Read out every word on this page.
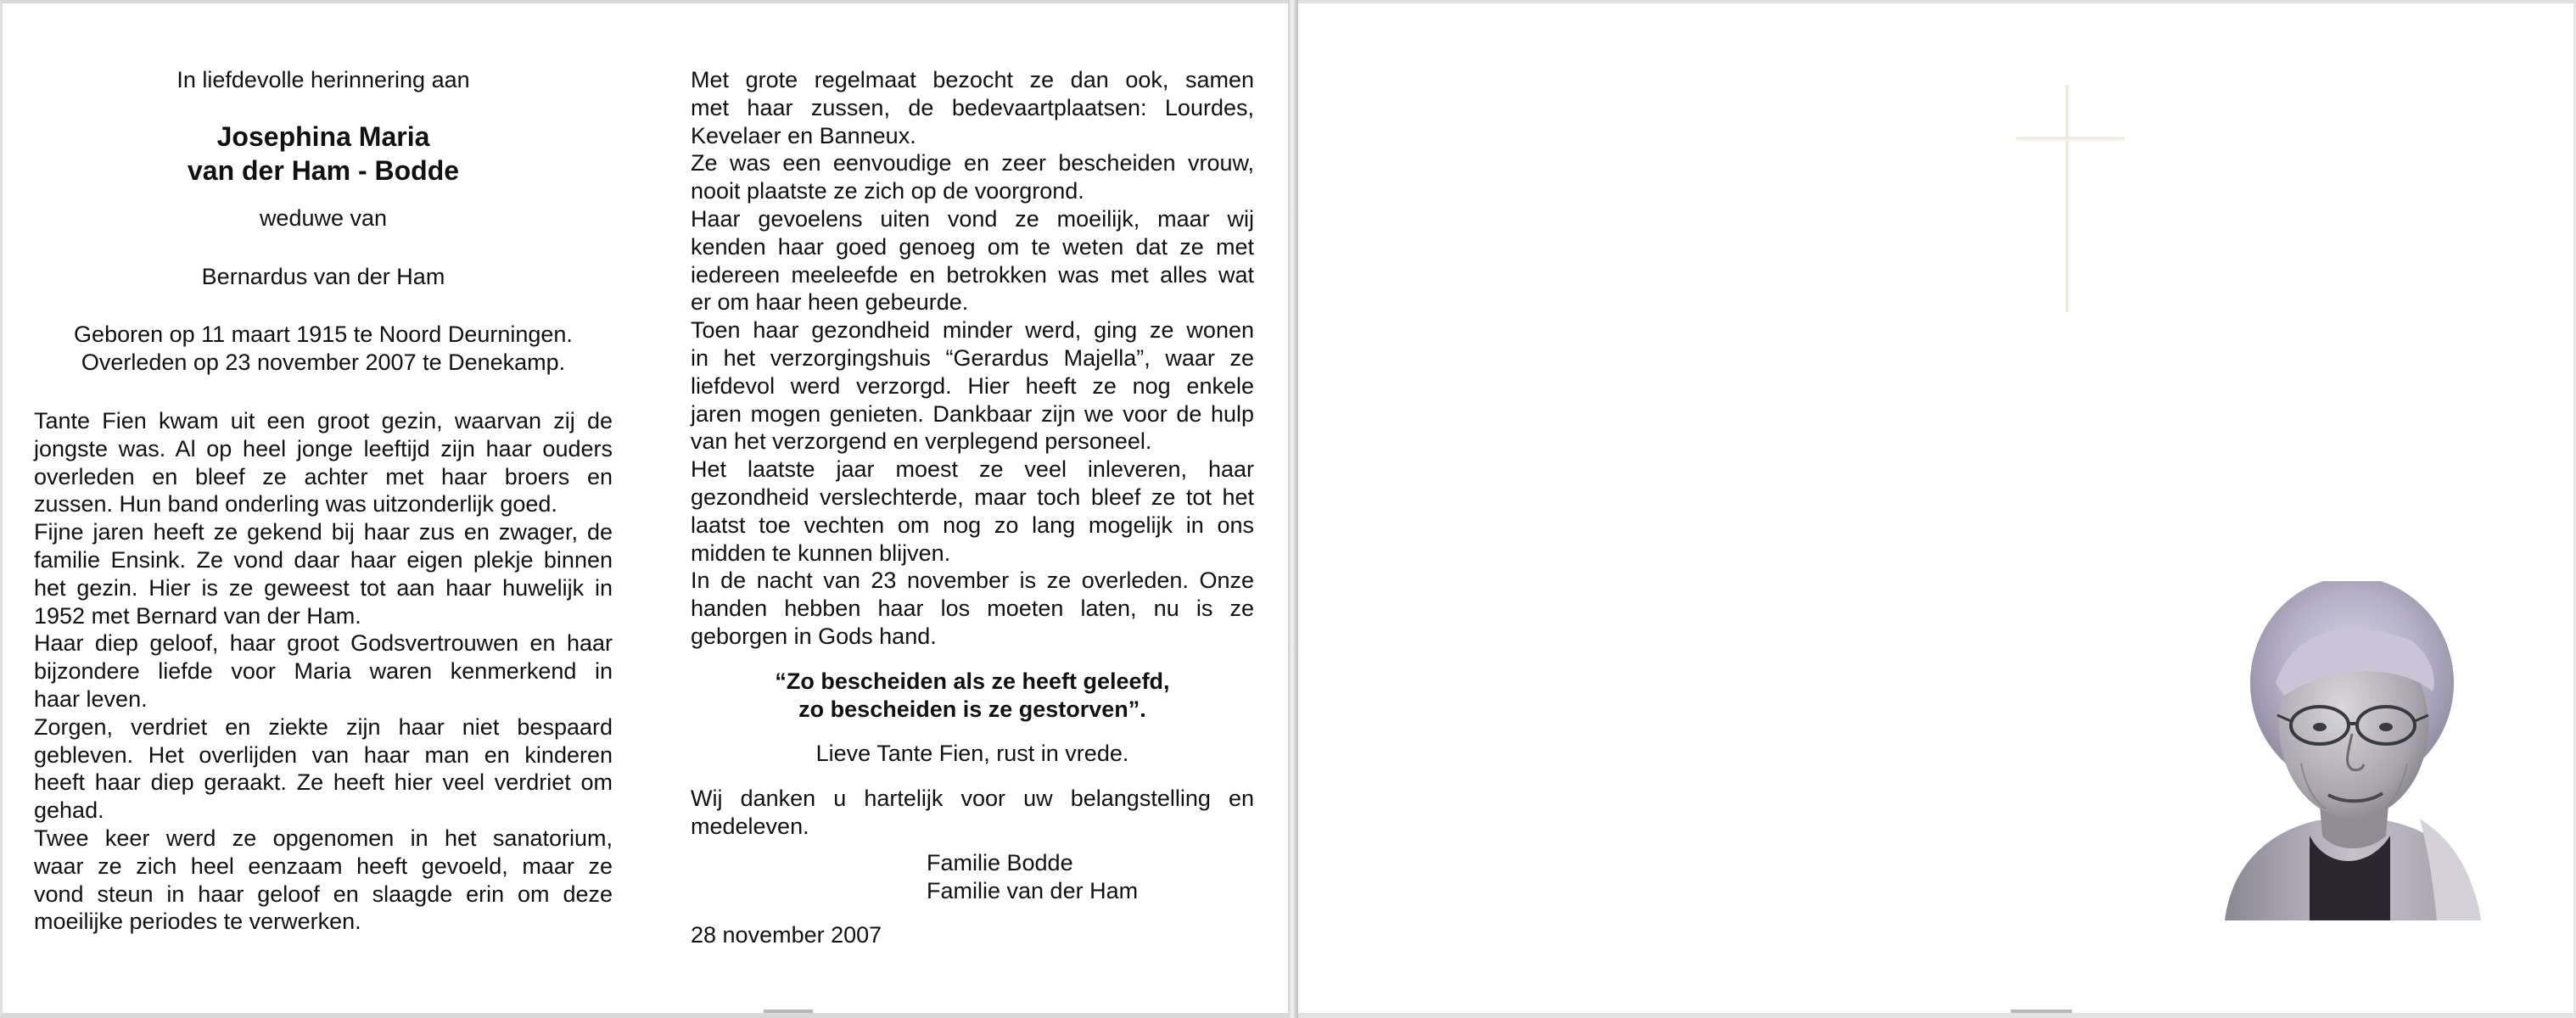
In liefdevolle herinnering aan

Josephina Maria

van der Ham - Bodde

weduwe van

Bernardus van der Ham

Geboren op 11 maart 1915 te Noord Deurningen.

Overleden op 23 november 2007 te Denekamp.

Tante Fien kwam uit een groot gezin, waarvan zij de

jongste was. Al op heel jonge leeftijd zijn haar ouders

overleden en bleef ze achter met haar broers en

zussen. Hun band onderling was uitzonderlijk goed.

Fijne jaren heeft ze gekend bij haar zus en zwager, de

familie Ensink. Ze vond daar haar eigen plekje binnen

het gezin. Hier is ze geweest tot aan haar huwelijk in

1952 met Bernard van der Ham.

Haar diep geloof, haar groot Godsvertrouwen en haar

bijzondere liefde voor Maria waren kenmerkend in

haar leven.

Zorgen, verdriet en ziekte zijn haar niet bespaard

gebleven. Het overlijden van haar man en kinderen

heeft haar diep geraakt. Ze heeft hier veel verdriet om

gehad.

Twee keer werd ze opgenomen in het sanatorium,

waar ze zich heel eenzaam heeft gevoeld, maar ze

vond steun in haar geloof en slaagde erin om deze

moeilijke periodes te verwerken.

Met grote regelmaat bezocht ze dan ook, samen

met haar zussen, de bedevaartplaatsen: Lourdes,

Kevelaer en Banneux.

Ze was een eenvoudige en zeer bescheiden vrouw,

nooit plaatste ze zich op de voorgrond.

Haar gevoelens uiten vond ze moeilijk, maar wij

kenden haar goed genoeg om te weten dat ze met

iedereen meeleefde en betrokken was met alles wat

er om haar heen gebeurde.

Toen haar gezondheid minder werd, ging ze wonen

in het verzorgingshuis “Gerardus Majella”, waar ze

liefdevol werd verzorgd. Hier heeft ze nog enkele

jaren mogen genieten. Dankbaar zijn we voor de hulp

van het verzorgend en verplegend personeel.

Het laatste jaar moest ze veel inleveren, haar

gezondheid verslechterde, maar toch bleef ze tot het

laatst toe vechten om nog zo lang mogelijk in ons

midden te kunnen blijven.

In de nacht van 23 november is ze overleden. Onze

handen hebben haar los moeten laten, nu is ze

geborgen in Gods hand.

“Zo bescheiden als ze heeft geleefd,

zo bescheiden is ze gestorven”.

Lieve Tante Fien, rust in vrede.

Wij danken u hartelijk voor uw belangstelling en

medeleven.

Familie Bodde

Familie van der Ham

28 november 2007
